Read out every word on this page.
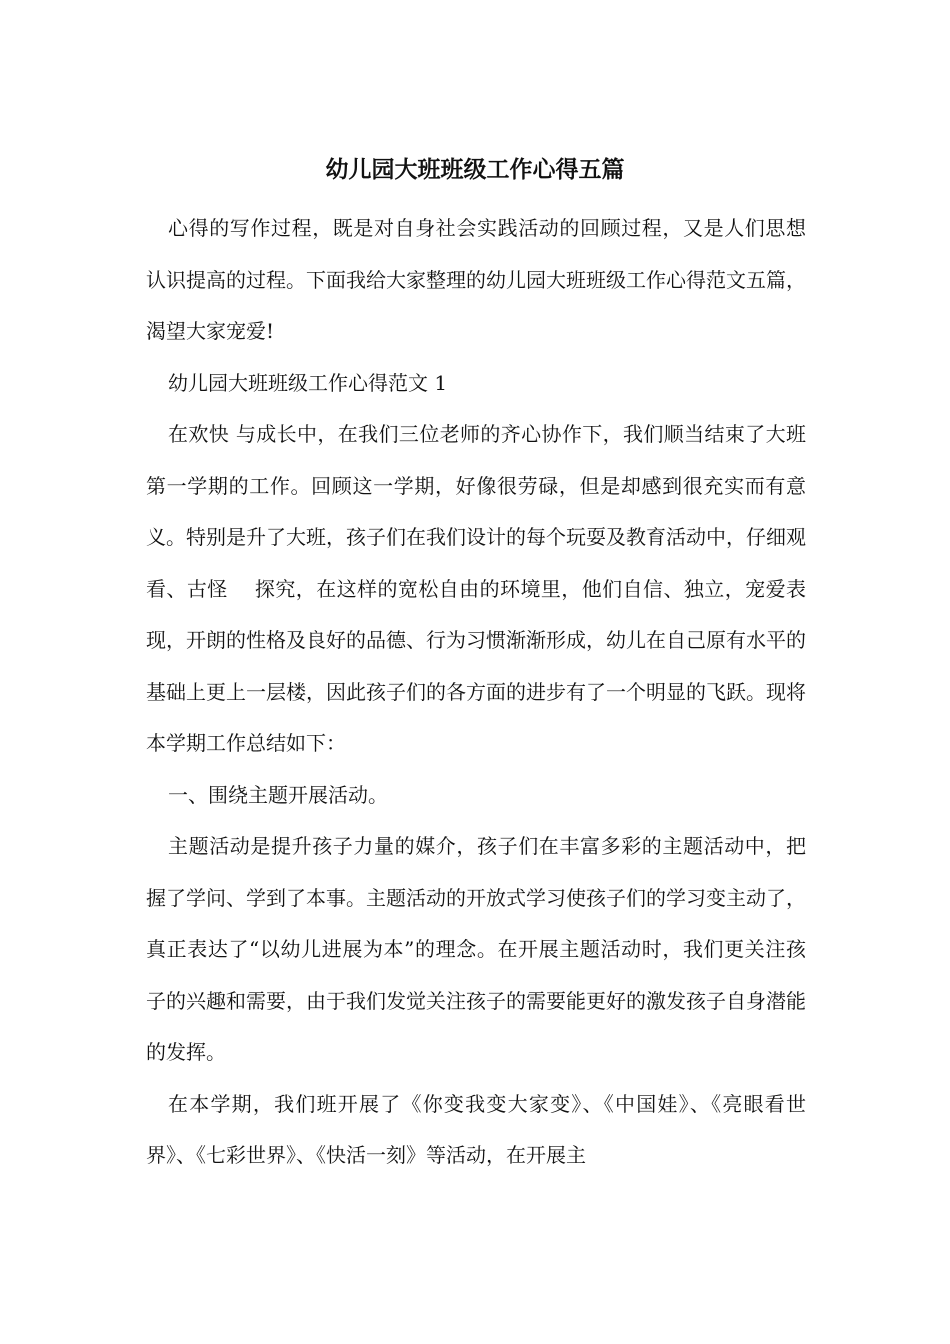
幼儿园大班班级工作心得五篇

心得的写作过程，既是对自身社会实践活动的回顾过程，又是人们思想认识提高的过程。下面我给大家整理的幼儿园大班班级工作心得范文五篇，渴望大家宠爱!

幼儿园大班班级工作心得范文 1

在欢快 与成长中，在我们三位老师的齐心协作下，我们顺当结束了大班第一学期的工作。回顾这一学期，好像很劳碌，但是却感到很充实而有意义。特别是升了大班，孩子们在我们设计的每个玩耍及教育活动中，仔细观看、古怪　 探究，在这样的宽松自由的环境里，他们自信、独立，宠爱表现，开朗的性格及良好的品德、行为习惯渐渐形成，幼儿在自己原有水平的基础上更上一层楼，因此孩子们的各方面的进步有了一个明显的飞跃。现将本学期工作总结如下：

一、围绕主题开展活动。

主题活动是提升孩子力量的媒介，孩子们在丰富多彩的主题活动中，把握了学问、学到了本事。主题活动的开放式学习使孩子们的学习变主动了，真正表达了“以幼儿进展为本”的理念。在开展主题活动时，我们更关注孩子的兴趣和需要，由于我们发觉关注孩子的需要能更好的激发孩子自身潜能的发挥。

在本学期，我们班开展了《你变我变大家变》、《中国娃》、《亮眼看世界》、《七彩世界》、《快活一刻》等活动，在开展主
